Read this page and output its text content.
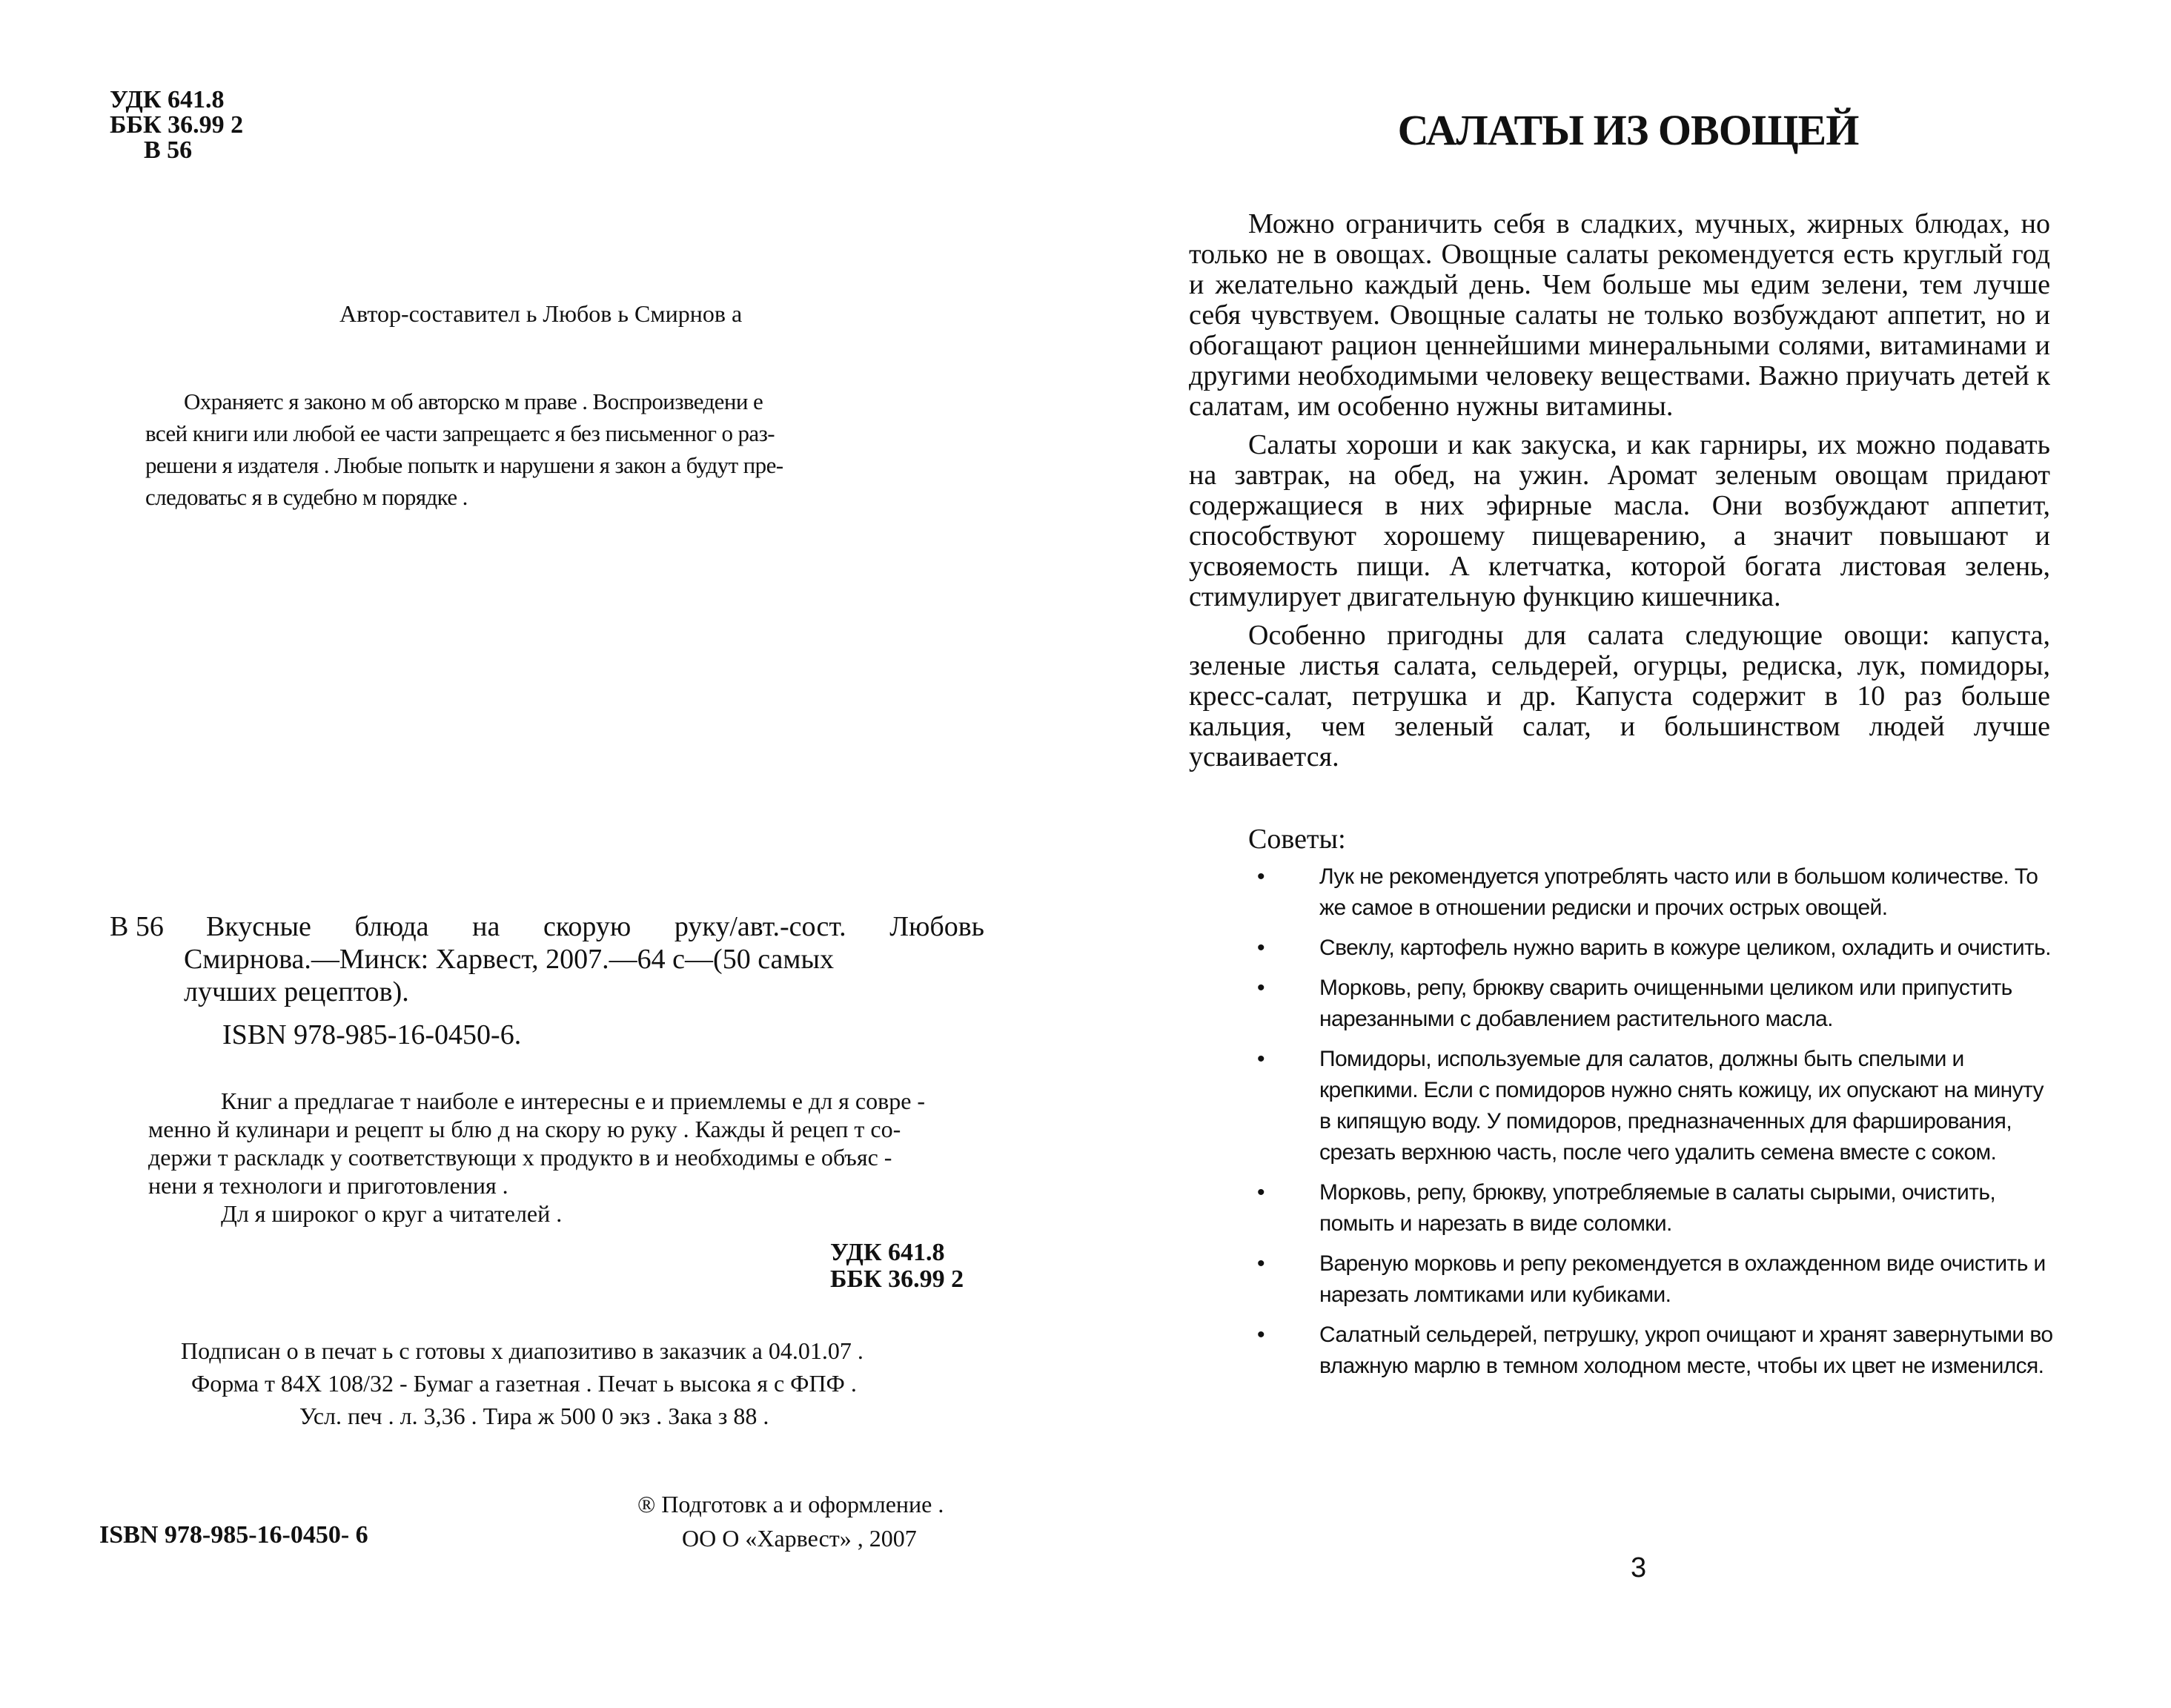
УДК 641.8

ББК 36.99 2

В 56

Автор-составител ь Любов ь Смирнов а

Охраняетс я законо м об авторско м праве . Воспроизведени е

всей книги или любой ее части запрещаетс я без письменног о раз-

решени я издателя . Любые попытк и нарушени я закон а будут пре-

следоватьс я в судебно м порядке .

В 56	Вкусные блюда на скорую руку/авт.-сост. Любовь

Смирнова.—Минск: Харвест, 2007.—64 с—(50 самых

лучших рецептов).

ISBN 978-985-16-0450-6.

Книг а предлагае т наиболе е интересны е и приемлемы е дл я совре -

менно й кулинари и рецепт ы блю д на скору ю руку . Кажды й рецеп т со-

держи т раскладк у соответствующи х продукто в и необходимы е объяс -

нени я технологи и приготовления .

Дл я широког о круг а читателей .

УДК 641.8

ББК 36.99 2

Подписан о в печат ь с готовы х диапозитиво в заказчик а 04.01.07 .

Форма т 84Х 108/32 - Бумаг а газетная . Печат ь высока я с ФПФ .

Усл. печ . л. 3,36 . Тира ж 500 0 экз . Зака з 88 .

ISBN 978-985-16-0450- 6

® Подготовк а и оформление .

ОО О «Харвест» , 2007

САЛАТЫ ИЗ ОВОЩЕЙ

Можно ограничить себя в сладких, мучных, жирных блюдах, но только не в овощах. Овощные салаты рекомендуется есть круглый год и желательно каждый день. Чем больше мы едим зелени, тем лучше себя чувствуем. Овощные салаты не только возбуждают аппетит, но и обогащают рацион ценнейшими минеральными солями, витаминами и другими необходимыми человеку веществами. Важно приучать детей к салатам, им особенно нужны витамины.

Салаты хороши и как закуска, и как гарниры, их можно подавать на завтрак, на обед, на ужин. Аромат зеленым овощам придают содержащиеся в них эфирные масла. Они возбуждают аппетит, способствуют хорошему пищеварению, а значит повышают и усвояемость пищи. А клетчатка, которой богата листовая зелень, стимулирует двигательную функцию кишечника.

Особенно пригодны для салата следующие овощи: капуста, зеленые листья салата, сельдерей, огурцы, редиска, лук, помидоры, кресс-салат, петрушка и др. Капуста содержит в 10 раз больше кальция, чем зеленый салат, и большинством людей лучше усваивается.

Советы:

•	Лук не рекомендуется употреблять часто или в большом количестве. То же самое в отношении редиски и прочих острых овощей.
•	Свеклу, картофель нужно варить в кожуре целиком, охладить и очистить.
•	Морковь, репу, брюкву сварить очищенными целиком или припустить нарезанными с добавлением растительного масла.
•	Помидоры, используемые для салатов, должны быть спелыми и крепкими. Если с помидоров нужно снять кожицу, их опускают на минуту в кипящую воду. У помидоров, предназначенных для фарширования, срезать верхнюю часть, после чего удалить семена вместе с соком.
•	Морковь, репу, брюкву, употребляемые в салаты сырыми, очистить, помыть и нарезать в виде соломки.
•	Вареную морковь и репу рекомендуется в охлажденном виде очистить и нарезать ломтиками или кубиками.
•	Салатный сельдерей, петрушку, укроп очищают и хранят завернутыми во влажную марлю в темном холодном месте, чтобы их цвет не изменился.

3
